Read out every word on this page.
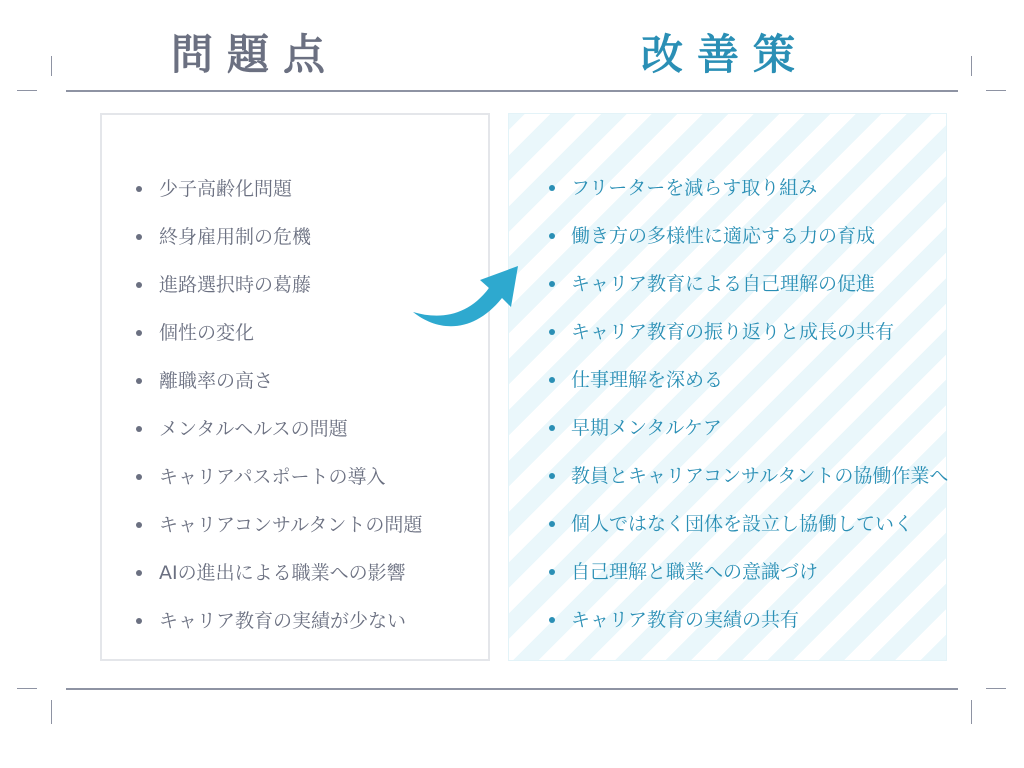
問題点	改善策
少子高齢化問題
終身雇用制の危機
進路選択時の葛藤
個性の変化
離職率の高さ
メンタルヘルスの問題
キャリアパスポートの導入
キャリアコンサルタントの問題
AIの進出による職業への影響
キャリア教育の実績が少ない
フリーターを減らす取り組み
働き方の多様性に適応する力の育成
キャリア教育による自己理解の促進
キャリア教育の振り返りと成長の共有
仕事理解を深める
早期メンタルケア
教員とキャリアコンサルタントの協働作業へ
個人ではなく団体を設立し協働していく
自己理解と職業への意識づけ
キャリア教育の実績の共有
